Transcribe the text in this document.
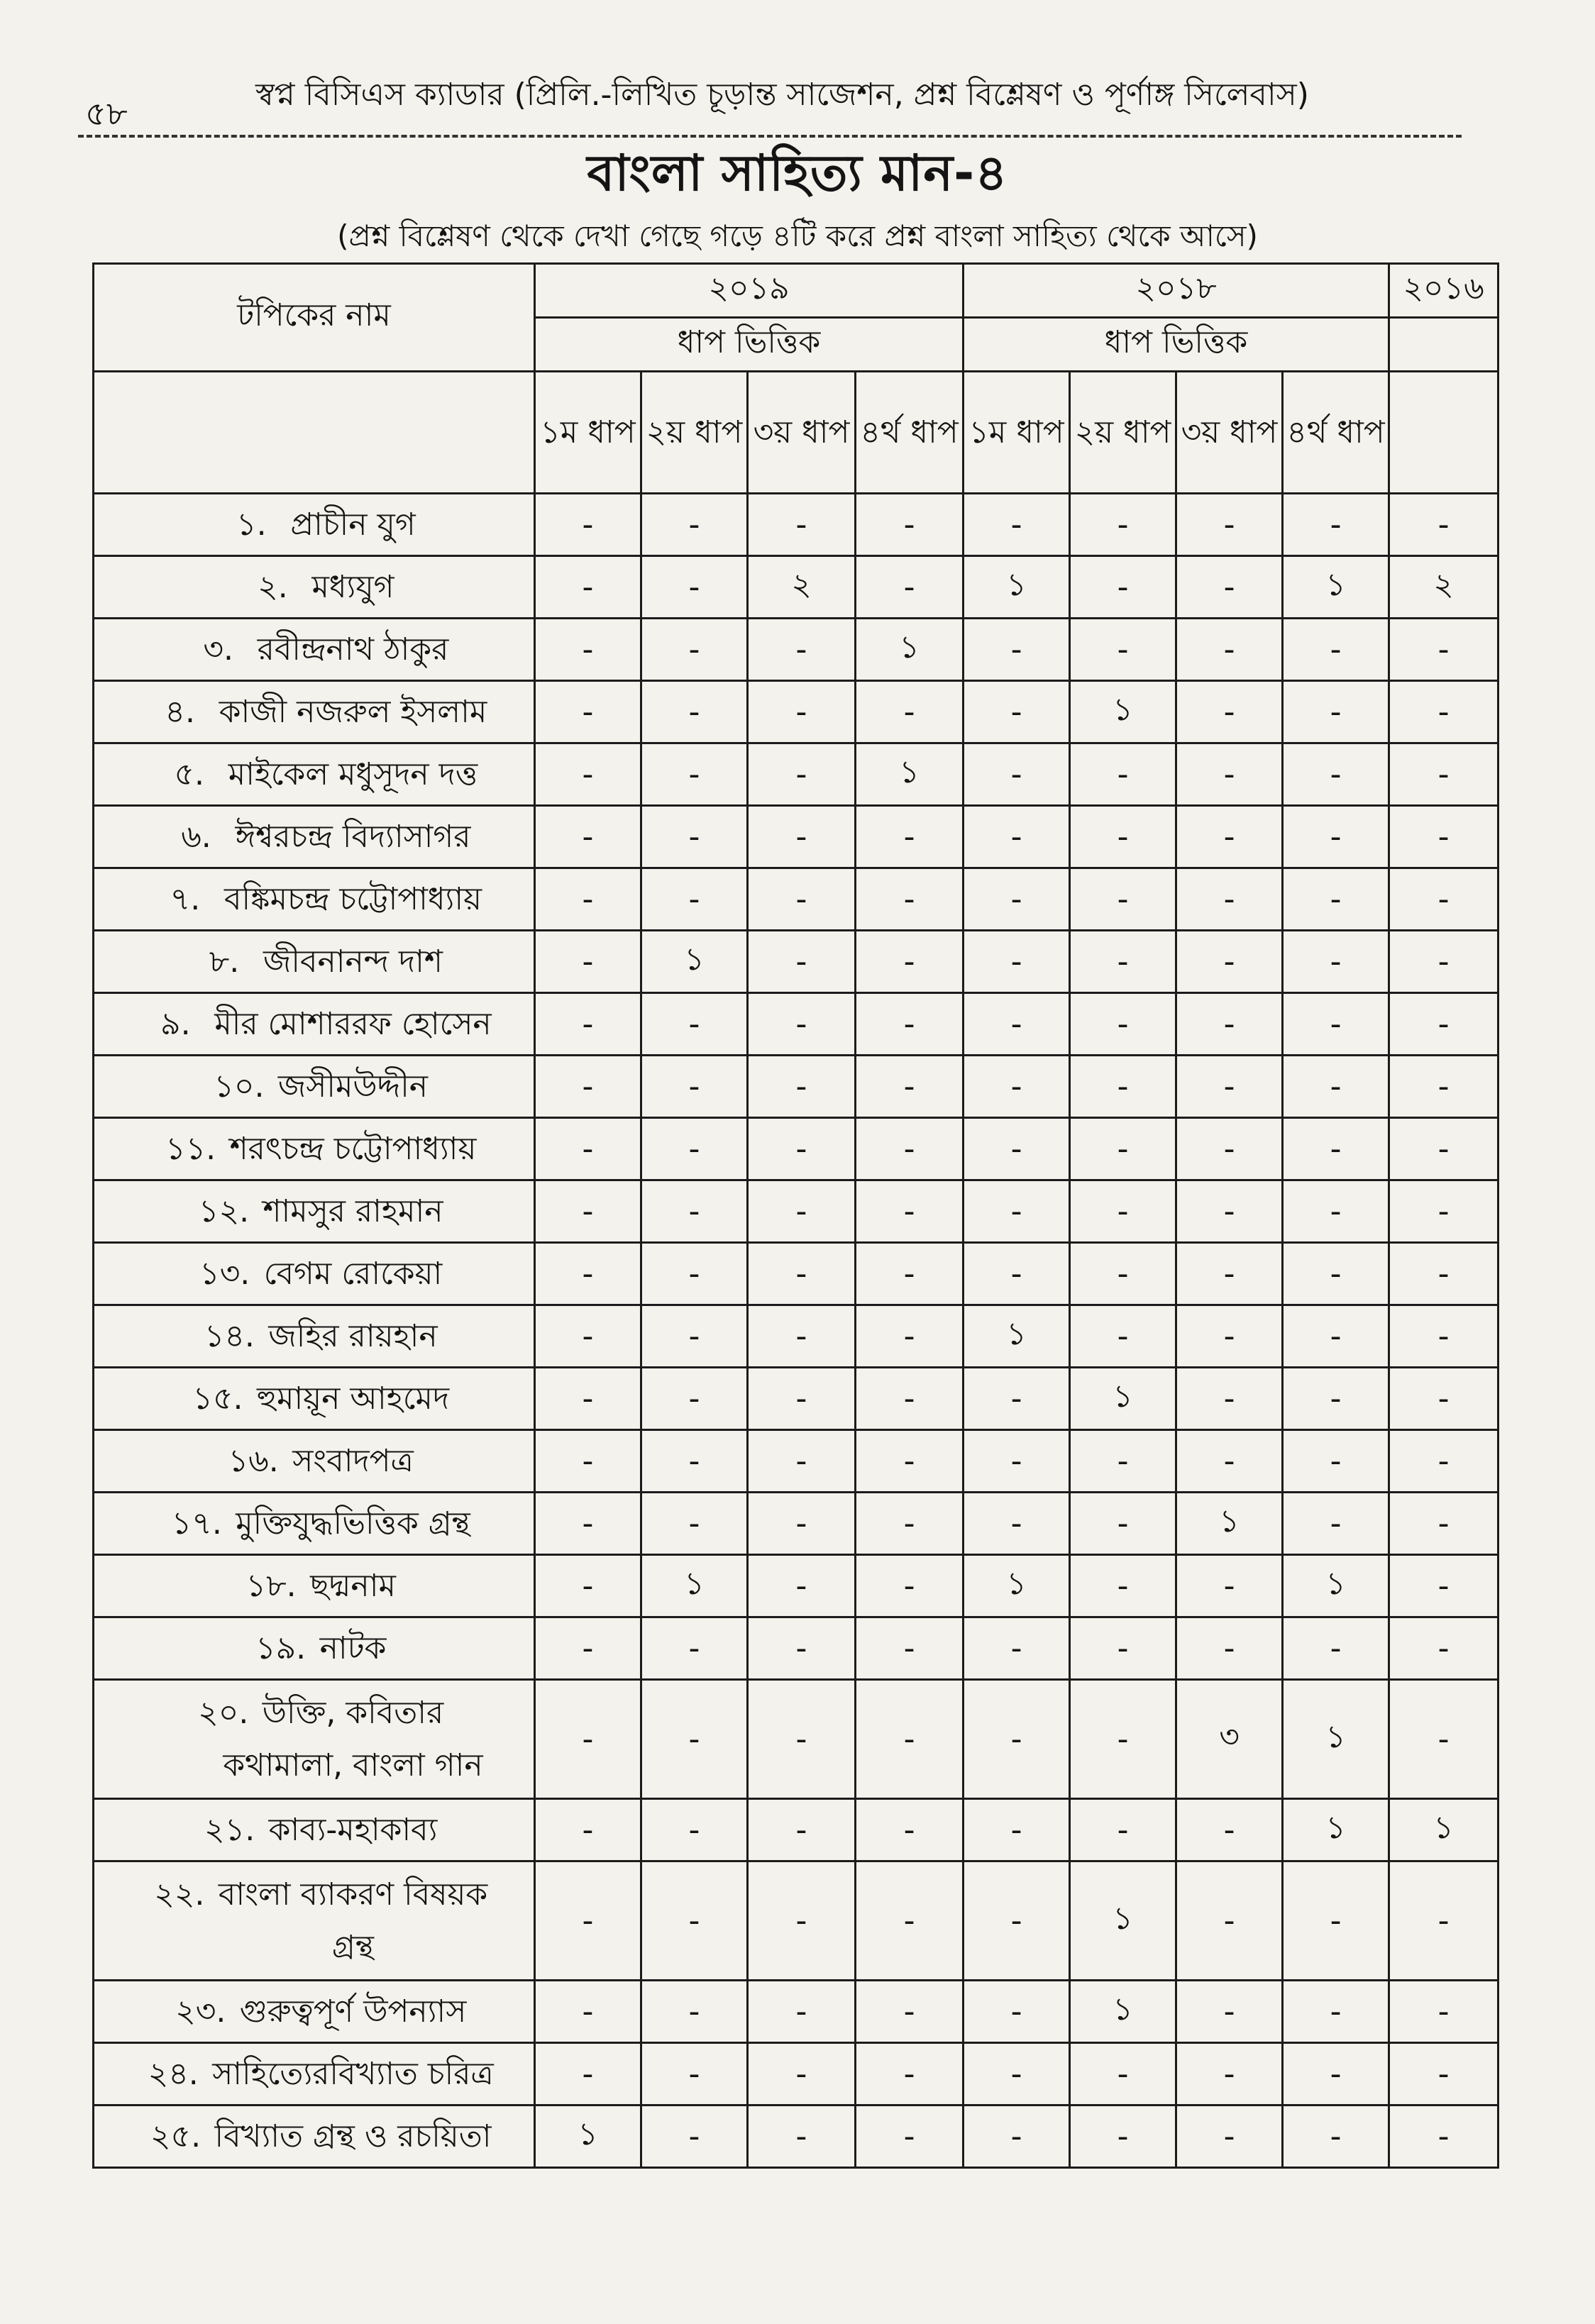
৫৮	স্বপ্ন বিসিএস ক্যাডার (প্রিলি.-লিখিত চূড়ান্ত সাজেশন, প্রশ্ন বিশ্লেষণ ও পূর্ণাঙ্গ সিলেবাস)
বাংলা সাহিত্য মান-৪
(প্রশ্ন বিশ্লেষণ থেকে দেখা গেছে গড়ে ৪টি করে প্রশ্ন বাংলা সাহিত্য থেকে আসে)
টপিকের নাম	২০১৯				২০১৮				২০১৬
	ধাপ ভিত্তিক				ধাপ ভিত্তিক				
	১ম ধাপ	২য় ধাপ	৩য় ধাপ	৪র্থ ধাপ	১ম ধাপ	২য় ধাপ	৩য় ধাপ	৪র্থ ধাপ	
১. প্রাচীন যুগ	-	-	-	-	-	-	-	-	-
২. মধ্যযুগ	-	-	২	-	১	-	-	১	২
৩. রবীন্দ্রনাথ ঠাকুর	-	-	-	১	-	-	-	-	-
৪. কাজী নজরুল ইসলাম	-	-	-	-	-	১	-	-	-
৫. মাইকেল মধুসূদন দত্ত	-	-	-	১	-	-	-	-	-
৬. ঈশ্বরচন্দ্র বিদ্যাসাগর	-	-	-	-	-	-	-	-	-
৭. বঙ্কিমচন্দ্র চট্টোপাধ্যায়	-	-	-	-	-	-	-	-	-
৮. জীবনানন্দ দাশ	-	১	-	-	-	-	-	-	-
৯. মীর মোশাররফ হোসেন	-	-	-	-	-	-	-	-	-
১০. জসীমউদ্দীন	-	-	-	-	-	-	-	-	-
১১. শরৎচন্দ্র চট্টোপাধ্যায়	-	-	-	-	-	-	-	-	-
১২. শামসুর রাহমান	-	-	-	-	-	-	-	-	-
১৩. বেগম রোকেয়া	-	-	-	-	-	-	-	-	-
১৪. জহির রায়হান	-	-	-	-	১	-	-	-	-
১৫. হুমায়ূন আহমেদ	-	-	-	-	-	১	-	-	-
১৬. সংবাদপত্র	-	-	-	-	-	-	-	-	-
১৭. মুক্তিযুদ্ধভিত্তিক গ্রন্থ	-	-	-	-	-	-	১	-	-
১৮. ছদ্মনাম	-	১	-	-	১	-	-	১	-
১৯. নাটক	-	-	-	-	-	-	-	-	-
২০. উক্তি, কবিতার
কথামালা, বাংলা গান	-	-	-	-	-	-	৩	১	-
২১. কাব্য-মহাকাব্য	-	-	-	-	-	-	-	১	১
২২. বাংলা ব্যাকরণ বিষয়ক
গ্রন্থ	-	-	-	-	-	১	-	-	-
২৩. গুরুত্বপূর্ণ উপন্যাস	-	-	-	-	-	১	-	-	-
২৪. সাহিত্যেরবিখ্যাত চরিত্র	-	-	-	-	-	-	-	-	-
২৫. বিখ্যাত গ্রন্থ ও রচয়িতা	১	-	-	-	-	-	-	-	-
